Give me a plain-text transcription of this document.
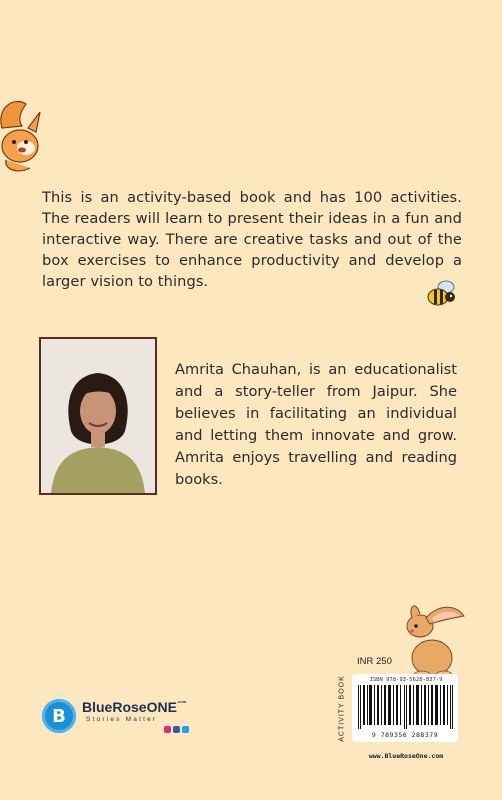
This is an activity-based book and has 100 activities. The readers will learn to present their ideas in a fun and interactive way. There are creative tasks and out of the box exercises to enhance productivity and develop a larger vision to things.

Amrita Chauhan, is an educationalist and a story-teller from Jaipur. She believes in facilitating an individual and letting them innovate and grow. Amrita enjoys travelling and reading books.

INR 250
ACTIVITY BOOK	ISBN 978-93-5628-837-9
9 789356 288379
www.BlueRoseOne.com
B	BlueRoseONE$^{.com}$
Stories Matter
